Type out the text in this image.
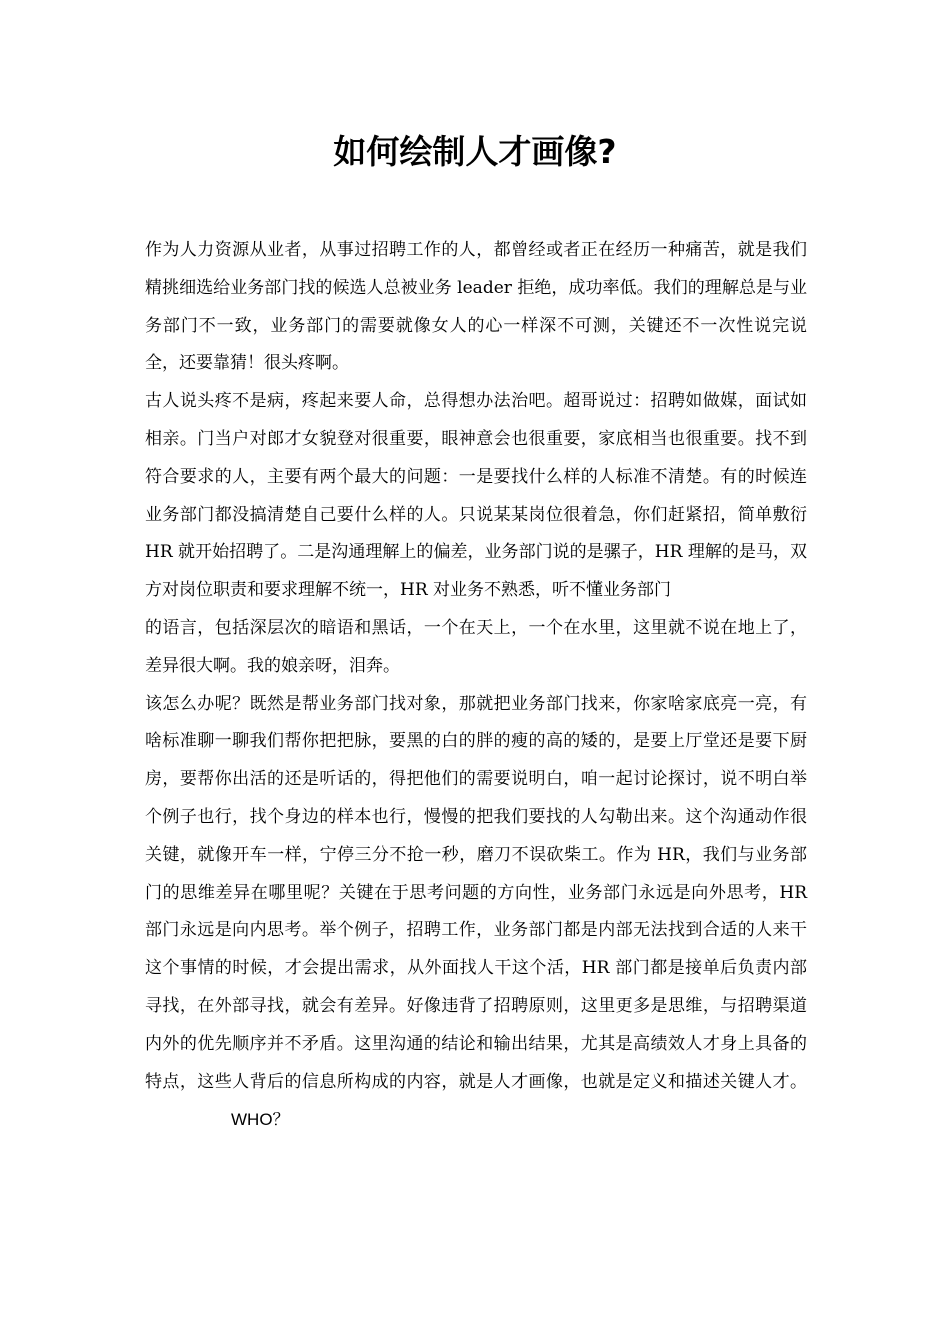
如何绘制人才画像?

作为人力资源从业者，从事过招聘工作的人，都曾经或者正在经历一种痛苦，就是我们精挑细选给业务部门找的候选人总被业务 leader 拒绝，成功率低。我们的理解总是与业务部门不一致，业务部门的需要就像女人的心一样深不可测，关键还不一次性说完说全，还要靠猜！很头疼啊。

古人说头疼不是病，疼起来要人命，总得想办法治吧。超哥说过：招聘如做媒，面试如相亲。门当户对郎才女貌登对很重要，眼神意会也很重要，家底相当也很重要。找不到符合要求的人，主要有两个最大的问题：一是要找什么样的人标准不清楚。有的时候连业务部门都没搞清楚自己要什么样的人。只说某某岗位很着急，你们赶紧招，简单敷衍 HR 就开始招聘了。二是沟通理解上的偏差，业务部门说的是骡子，HR 理解的是马，双方对岗位职责和要求理解不统一，HR 对业务不熟悉，听不懂业务部门

的语言，包括深层次的暗语和黑话，一个在天上，一个在水里，这里就不说在地上了，差异很大啊。我的娘亲呀，泪奔。

该怎么办呢？既然是帮业务部门找对象，那就把业务部门找来，你家啥家底亮一亮，有啥标准聊一聊我们帮你把把脉，要黑的白的胖的瘦的高的矮的，是要上厅堂还是要下厨房，要帮你出活的还是听话的，得把他们的需要说明白，咱一起讨论探讨，说不明白举个例子也行，找个身边的样本也行，慢慢的把我们要找的人勾勒出来。这个沟通动作很关键，就像开车一样，宁停三分不抢一秒，磨刀不误砍柴工。作为 HR，我们与业务部门的思维差异在哪里呢？关键在于思考问题的方向性，业务部门永远是向外思考，HR 部门永远是向内思考。举个例子，招聘工作，业务部门都是内部无法找到合适的人来干这个事情的时候，才会提出需求，从外面找人干这个活，HR 部门都是接单后负责内部寻找，在外部寻找，就会有差异。好像违背了招聘原则，这里更多是思维，与招聘渠道内外的优先顺序并不矛盾。这里沟通的结论和输出结果，尤其是高绩效人才身上具备的特点，这些人背后的信息所构成的内容，就是人才画像，也就是定义和描述关键人才。WHO？
